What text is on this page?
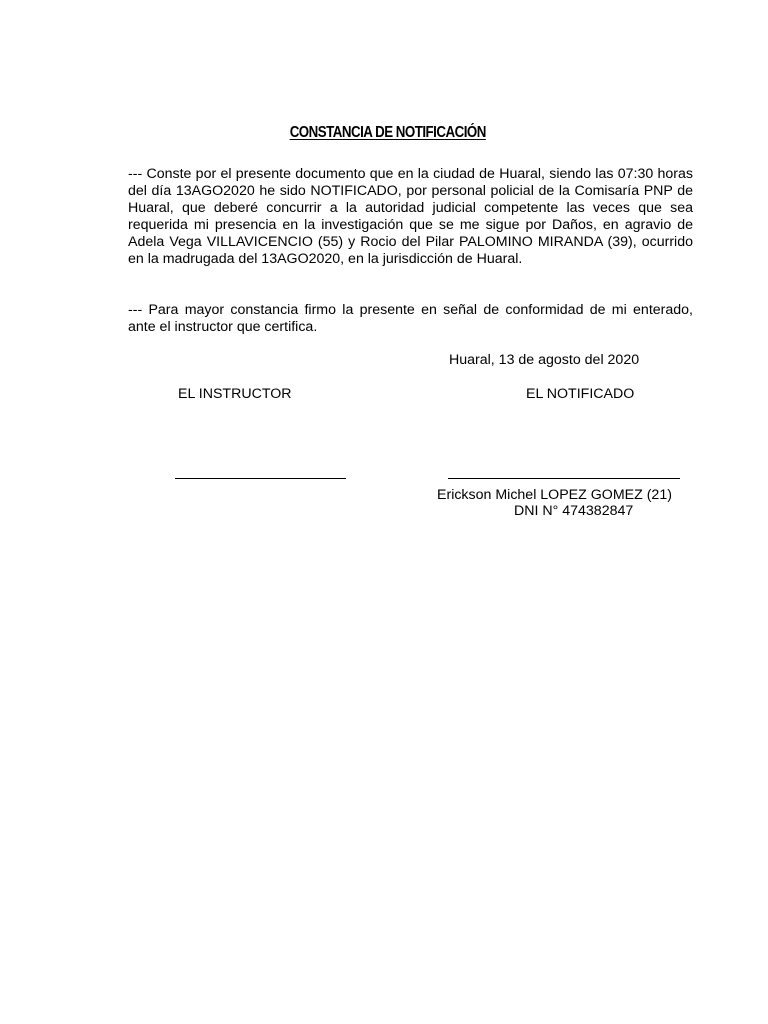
CONSTANCIA DE NOTIFICACIÓN
--- Conste por el presente documento que en la ciudad de Huaral, siendo las 07:30 horas del día 13AGO2020 he sido NOTIFICADO, por personal policial de la Comisaría PNP de Huaral, que deberé concurrir a la autoridad judicial competente las veces que sea requerida mi presencia en la investigación que se me sigue por Daños, en agravio de Adela Vega VILLAVICENCIO (55) y Rocio del Pilar PALOMINO MIRANDA (39), ocurrido en la madrugada del 13AGO2020, en la jurisdicción de Huaral.
--- Para mayor constancia firmo la presente en señal de conformidad de mi enterado, ante el instructor que certifica.
Huaral, 13 de agosto del 2020
EL INSTRUCTOR	EL NOTIFICADO
Erickson Michel LOPEZ GOMEZ (21)
DNI N° 474382847
